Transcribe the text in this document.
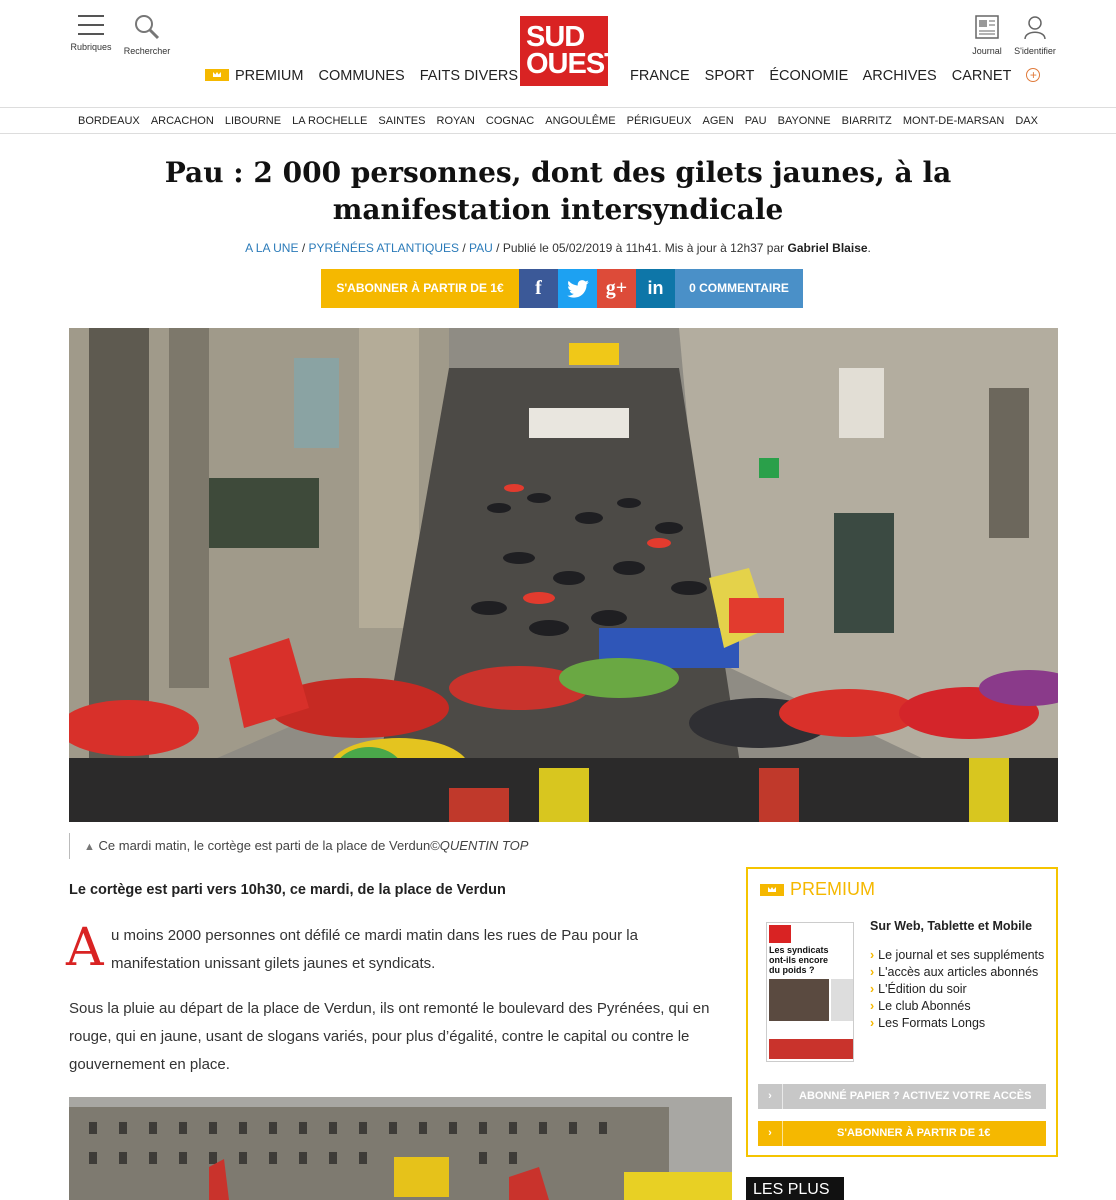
Rubriques	Rechercher	SUD
OUEST	Journal	S'identifier
PREMIUM COMMUNES FAITS DIVERS	FRANCE SPORT ÉCONOMIE ARCHIVES CARNET +
BORDEAUX ARCACHON LIBOURNE LA ROCHELLE SAINTES ROYAN COGNAC ANGOULÊME PÉRIGUEUX AGEN PAU BAYONNE BIARRITZ MONT-DE-MARSAN DAX
Pau : 2 000 personnes, dont des gilets jaunes, à la manifestation intersyndicale
A LA UNE / PYRÉNÉES ATLANTIQUES / PAU / Publié le 05/02/2019 à 11h41. Mis à jour à 12h37 par Gabriel Blaise.
S'ABONNER À PARTIR DE 1€	f	g+	in	0 COMMENTAIRE
▲ Ce mardi matin, le cortège est parti de la place de Verdun©QUENTIN TOP

Le cortège est parti vers 10h30, ce mardi, de la place de Verdun

A u moins 2000 personnes ont défilé ce mardi matin dans les rues de Pau pour la manifestation unissant gilets jaunes et syndicats.

Sous la pluie au départ de la place de Verdun, ils ont remonté le boulevard des Pyrénées, qui en rouge, qui en jaune, usant de slogans variés, pour plus d’égalité, contre le capital ou contre le gouvernement en place.

PREMIUM
Les syndicats ont-ils encore du poids ?
Sur Web, Tablette et Mobile
› Le journal et ses suppléments
› L'accès aux articles abonnés
› L'Édition du soir
› Le club Abonnés
› Les Formats Longs
› ABONNÉ PAPIER ? ACTIVEZ VOTRE ACCÈS
›	S'ABONNER À PARTIR DE 1€
LES PLUS
